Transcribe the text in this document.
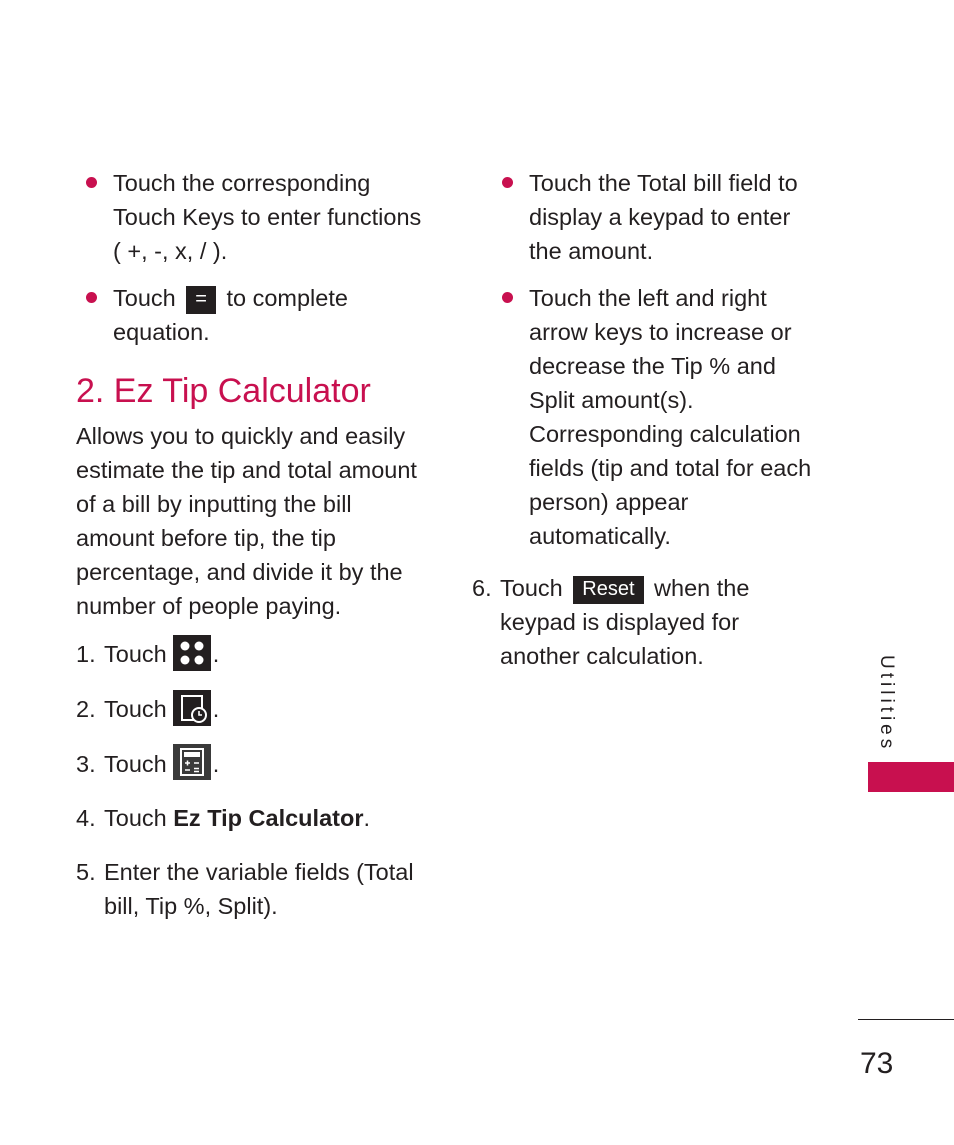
Touch the corresponding Touch Keys to enter functions ( +, -, x, / ).
Touch = to complete equation.
2. Ez Tip Calculator

Allows you to quickly and easily estimate the tip and total amount of a bill by inputting the bill amount before tip, the tip percentage, and divide it by the number of people paying.

1. Touch .
2. Touch .
3. Touch .
4. Touch Ez Tip Calculator.
5. Enter the variable fields (Total bill, Tip %, Split).
Touch the Total bill field to display a keypad to enter the amount.
Touch the left and right arrow keys to increase or decrease the Tip % and Split amount(s). Corresponding calculation fields (tip and total for each person) appear automatically.
6. Touch Reset when the keypad is displayed for another calculation.	Utilities
73
